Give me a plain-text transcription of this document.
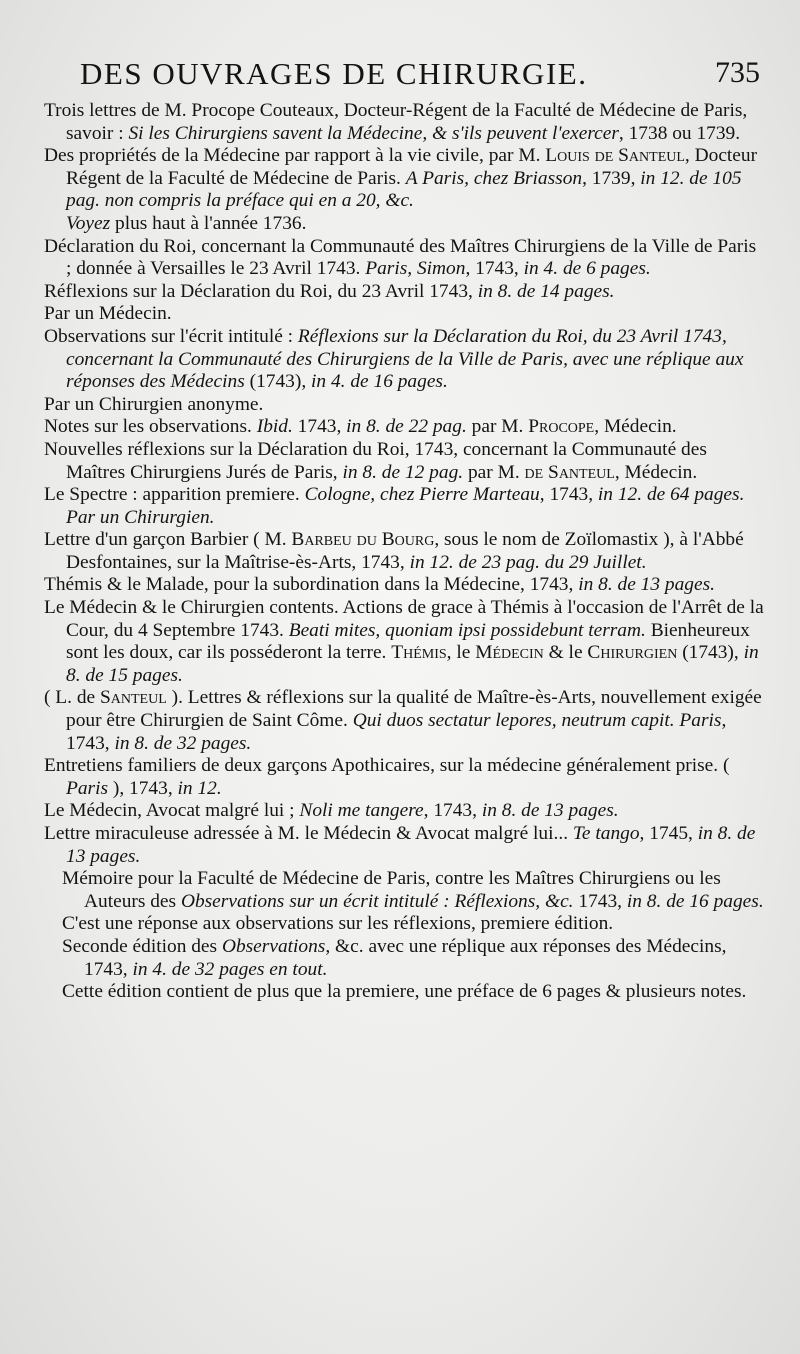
DES OUVRAGES DE CHIRURGIE.	735

Trois lettres de M. Procope Couteaux, Docteur-Régent de la Faculté de Médecine de Paris, savoir : Si les Chirurgiens savent la Médecine, & s'ils peuvent l'exercer, 1738 ou 1739.

Des propriétés de la Médecine par rapport à la vie civile, par M. Louis de Santeul, Docteur Régent de la Faculté de Médecine de Paris. A Paris, chez Briasson, 1739, in 12. de 105 pag. non compris la préface qui en a 20, &c.

Voyez plus haut à l'année 1736.

Déclaration du Roi, concernant la Communauté des Maîtres Chirurgiens de la Ville de Paris ; donnée à Versailles le 23 Avril 1743. Paris, Simon, 1743, in 4. de 6 pages.

Réflexions sur la Déclaration du Roi, du 23 Avril 1743, in 8. de 14 pages.

Par un Médecin.

Observations sur l'écrit intitulé : Réflexions sur la Déclaration du Roi, du 23 Avril 1743, concernant la Communauté des Chirurgiens de la Ville de Paris, avec une réplique aux réponses des Médecins (1743), in 4. de 16 pages.

Par un Chirurgien anonyme.

Notes sur les observations. Ibid. 1743, in 8. de 22 pag. par M. Procope, Médecin.

Nouvelles réflexions sur la Déclaration du Roi, 1743, concernant la Communauté des Maîtres Chirurgiens Jurés de Paris, in 8. de 12 pag. par M. de Santeul, Médecin.

Le Spectre : apparition premiere. Cologne, chez Pierre Marteau, 1743, in 12. de 64 pages. Par un Chirurgien.

Lettre d'un garçon Barbier ( M. Barbeu du Bourg, sous le nom de Zoïlomastix ), à l'Abbé Desfontaines, sur la Maîtrise-ès-Arts, 1743, in 12. de 23 pag. du 29 Juillet.

Thémis & le Malade, pour la subordination dans la Médecine, 1743, in 8. de 13 pages.

Le Médecin & le Chirurgien contents. Actions de grace à Thémis à l'occasion de l'Arrêt de la Cour, du 4 Septembre 1743. Beati mites, quoniam ipsi possidebunt terram. Bienheureux sont les doux, car ils posséderont la terre. Thémis, le Médecin & le Chirurgien (1743), in 8. de 15 pages.

( L. de Santeul ). Lettres & réflexions sur la qualité de Maître-ès-Arts, nouvellement exigée pour être Chirurgien de Saint Côme. Qui duos sectatur lepores, neutrum capit. Paris, 1743, in 8. de 32 pages.

Entretiens familiers de deux garçons Apothicaires, sur la médecine généralement prise. ( Paris ), 1743, in 12.

Le Médecin, Avocat malgré lui ; Noli me tangere, 1743, in 8. de 13 pages.

Lettre miraculeuse adressée à M. le Médecin & Avocat malgré lui... Te tango, 1745, in 8. de 13 pages.

Mémoire pour la Faculté de Médecine de Paris, contre les Maîtres Chirurgiens ou les Auteurs des Observations sur un écrit intitulé : Réflexions, &c. 1743, in 8. de 16 pages.

C'est une réponse aux observations sur les réflexions, premiere édition.

Seconde édition des Observations, &c. avec une réplique aux réponses des Médecins, 1743, in 4. de 32 pages en tout.

Cette édition contient de plus que la premiere, une préface de 6 pages & plusieurs notes.
